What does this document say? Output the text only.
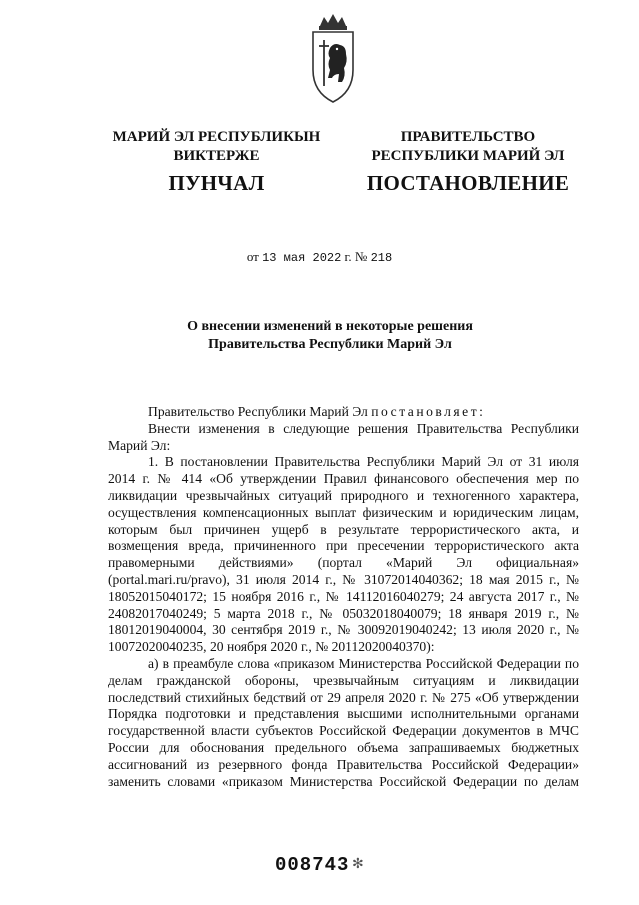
МАРИЙ ЭЛ РЕСПУБЛИКЫН
ВИКТЕРЖЕ
ПУНЧАЛ
ПРАВИТЕЛЬСТВО
РЕСПУБЛИКИ МАРИЙ ЭЛ
ПОСТАНОВЛЕНИЕ
от 13 мая 2022 г. № 218
О внесении изменений в некоторые решения
Правительства Республики Марий Эл

Правительство Республики Марий Эл постановляет:

Внести изменения в следующие решения Правительства Республики Марий Эл:

1. В постановлении Правительства Республики Марий Эл от 31 июля 2014 г. № 414 «Об утверждении Правил финансового обеспечения мер по ликвидации чрезвычайных ситуаций природного и техногенного характера, осуществления компенсационных выплат физическим и юридическим лицам, которым был причинен ущерб в результате террористического акта, и возмещения вреда, причиненного при пресечении террористического акта правомерными действиями» (портал «Марий Эл официальная» (portal.mari.ru/pravo), 31 июля 2014 г., № 31072014040362; 18 мая 2015 г., № 18052015040172; 15 ноября 2016 г., № 14112016040279; 24 августа 2017 г., № 24082017040249; 5 марта 2018 г., № 05032018040079; 18 января 2019 г., № 18012019040004, 30 сентября 2019 г., № 30092019040242; 13 июля 2020 г., № 10072020040235, 20 ноября 2020 г., № 20112020040370):

а) в преамбуле слова «приказом Министерства Российской Федерации по делам гражданской обороны, чрезвычайным ситуациям и ликвидации последствий стихийных бедствий от 29 апреля 2020 г. № 275 «Об утверждении Порядка подготовки и представления высшими исполнительными органами государственной власти субъектов Российской Федерации документов в МЧС России для обоснования предельного объема запрашиваемых бюджетных ассигнований из резервного фонда Правительства Российской Федерации» заменить словами «приказом Министерства Российской Федерации по делам

008743 ✻
